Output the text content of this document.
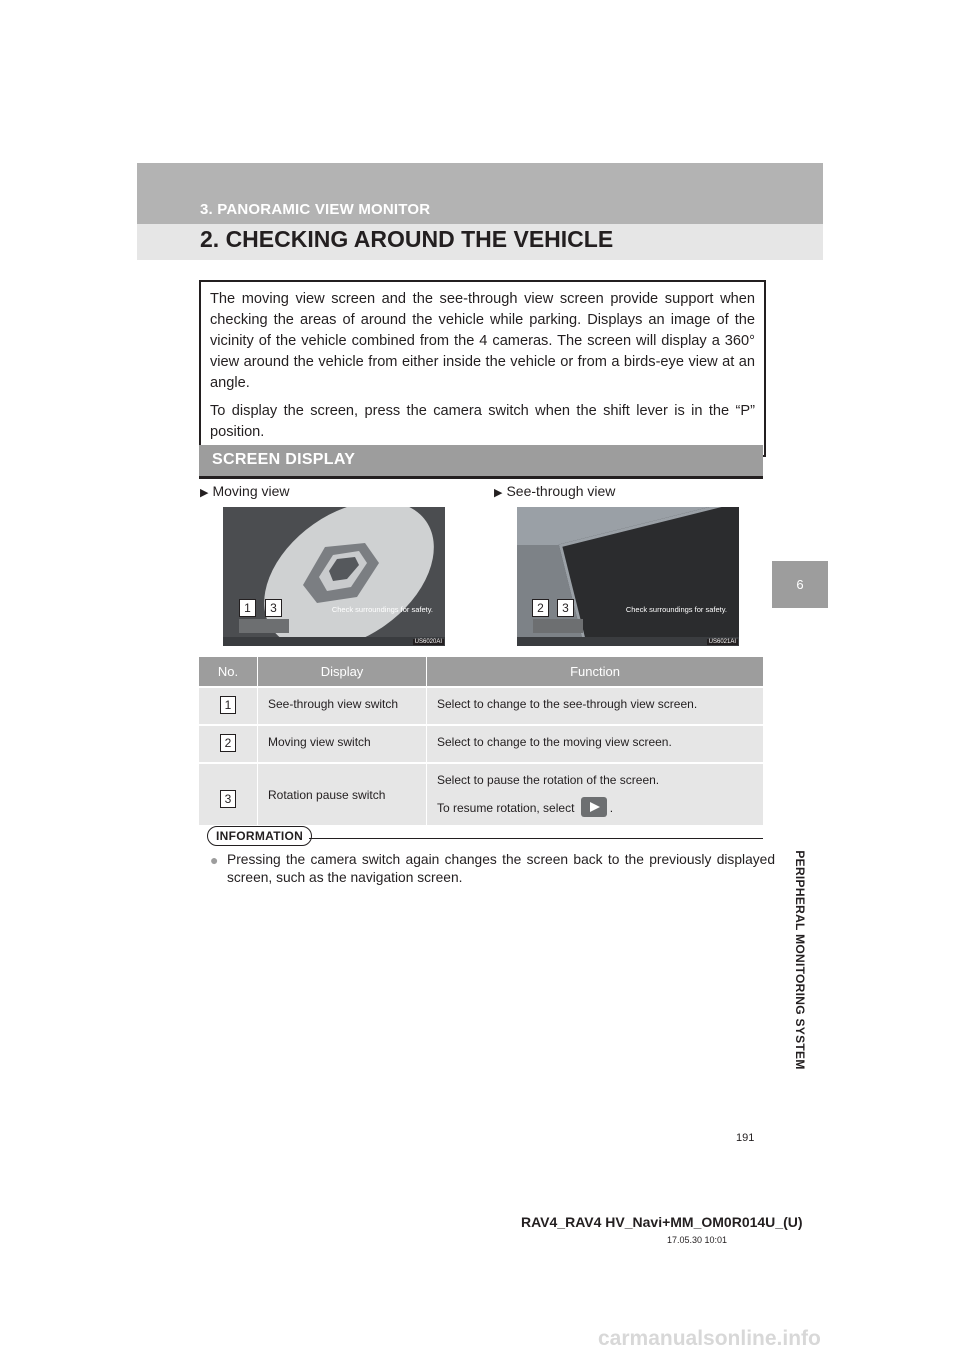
3. PANORAMIC VIEW MONITOR
2. CHECKING AROUND THE VEHICLE
6
PERIPHERAL MONITORING SYSTEM

The moving view screen and the see-through view screen provide support when checking the areas of around the vehicle while parking. Displays an image of the vicinity of the vehicle combined from the 4 cameras. The screen will display a 360° view around the vehicle from either inside the vehicle or from a birds-eye view at an angle.

To display the screen, press the camera switch when the shift lever is in the “P” position.

SCREEN DISPLAY
▶ Moving view
Check surroundings for safety.
US6020AI
1	3
▶ See-through view
Check surroundings for safety.
US6021AI
2	3
No.	Display	Function
1	See-through view switch	Select to change to the see-through view screen.
2	Moving view switch	Select to change to the moving view screen.
3	Rotation pause switch	Select to pause the rotation of the screen.
To resume rotation, select .
INFORMATION
● Pressing the camera switch again changes the screen back to the previously displayed screen, such as the navigation screen.
191
RAV4_RAV4 HV_Navi+MM_OM0R014U_(U)
17.05.30 10:01
carmanualsonline.info
